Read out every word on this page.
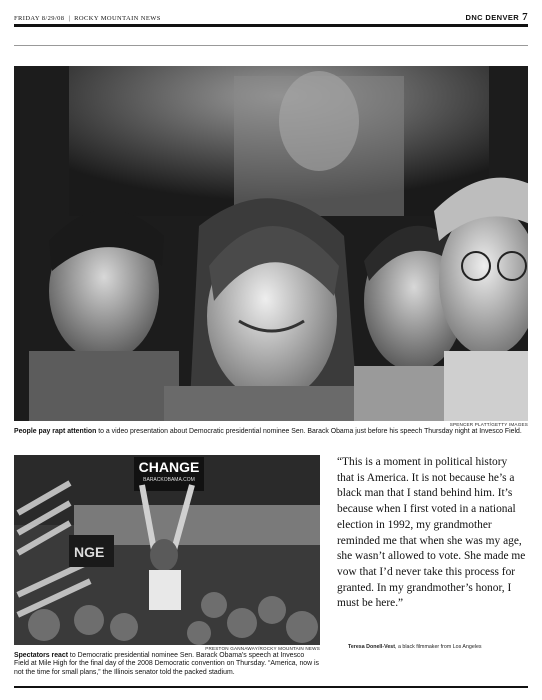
FRIDAY 8/29/08 | ROCKY MOUNTAIN NEWS	DNC DENVER 7
SPENCER PLATT/GETTY IMAGES
People pay rapt attention to a video presentation about Democratic presidential nominee Sen. Barack Obama just before his speech Thursday night at Invesco Field.
NGE
CHANGE
BARACKOBAMA.COM
PRESTON GANNAWAY/ROCKY MOUNTAIN NEWS
Spectators react to Democratic presidential nominee Sen. Barack Obama’s speech at Invesco Field at Mile High for the final day of the 2008 Democratic convention on Thursday. “America, now is not the time for small plans,” the Illinois senator told the packed stadium.
“This is a moment in political history that is America. It is not because he’s a black man that I stand behind him. It’s because when I first voted in a national election in 1992, my grandmother reminded me that when she was my age, she wasn’t allowed to vote. She made me vow that I’d never take this process for granted. In my grandmother’s honor, I must be here.”
Teresa Donell-Vest, a black filmmaker from Los Angeles
